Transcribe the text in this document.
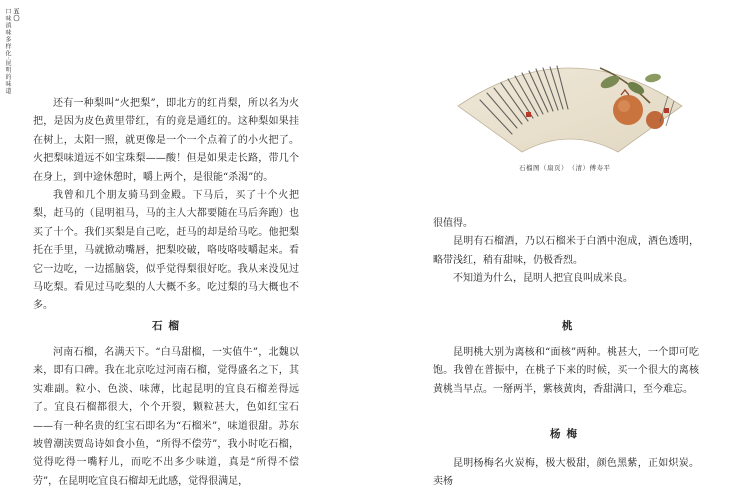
五〇
口味滇味多样化·昆明的味道

还有一种梨叫“火把梨”，即北方的红肖梨，所以名为火把，是因为皮色黄里带红，有的竟是通红的。这种梨如果挂在树上，太阳一照，就更像是一个一个点着了的小火把了。火把梨味道远不如宝珠梨——酸！但是如果走长路，带几个在身上，到中途休憩时，嚼上两个，是很能“杀渴”的。

我曾和几个朋友骑马到金殿。下马后，买了十个火把梨，赶马的（昆明祖马，马的主人大都要随在马后奔跑）也买了十个。我们买梨是自己吃，赶马的却是给马吃。他把梨托在手里，马就掀动嘴唇，把梨咬破，咯吱咯吱嚼起来。看它一边吃，一边摇脑袋，似乎觉得梨很好吃。我从来没见过马吃梨。看见过马吃梨的人大概不多。吃过梨的马大概也不多。

石榴

河南石榴，名满天下。“白马甜榴，一实值牛”，北魏以来，即有口碑。我在北京吃过河南石榴，觉得盛名之下，其实难副。粒小、色淡、味薄，比起昆明的宜良石榴差得远了。宜良石榴都很大，个个开裂，颗粒甚大，色如红宝石——有一种名贵的红宝石即名为“石榴米”，味道很甜。苏东坡曾潮渎贾岛诗如食小鱼，“所得不偿劳”，我小时吃石榴，觉得吃得一嘴籽儿，而吃不出多少味道，真是“所得不偿劳”，在昆明吃宜良石榴却无此感，觉得很满足，

石榴图（扇页）　（清）傅寿平

很值得。

昆明有石榴酒，乃以石榴米于白酒中泡成，酒色透明，略带浅红，稍有甜味，仍极香烈。

不知道为什么，昆明人把宜良叫成米良。

桃

昆明桃大别为离核和“面核”两种。桃甚大，一个即可吃饱。我曾在普振中，在桃子下来的时候，买一个很大的离核黄桃当早点。一掰两半，紫核黄肉，香甜满口，至今难忘。

杨梅

昆明杨梅名火炭梅，极大极甜，颜色黑紫，正如炽炭。卖杨
